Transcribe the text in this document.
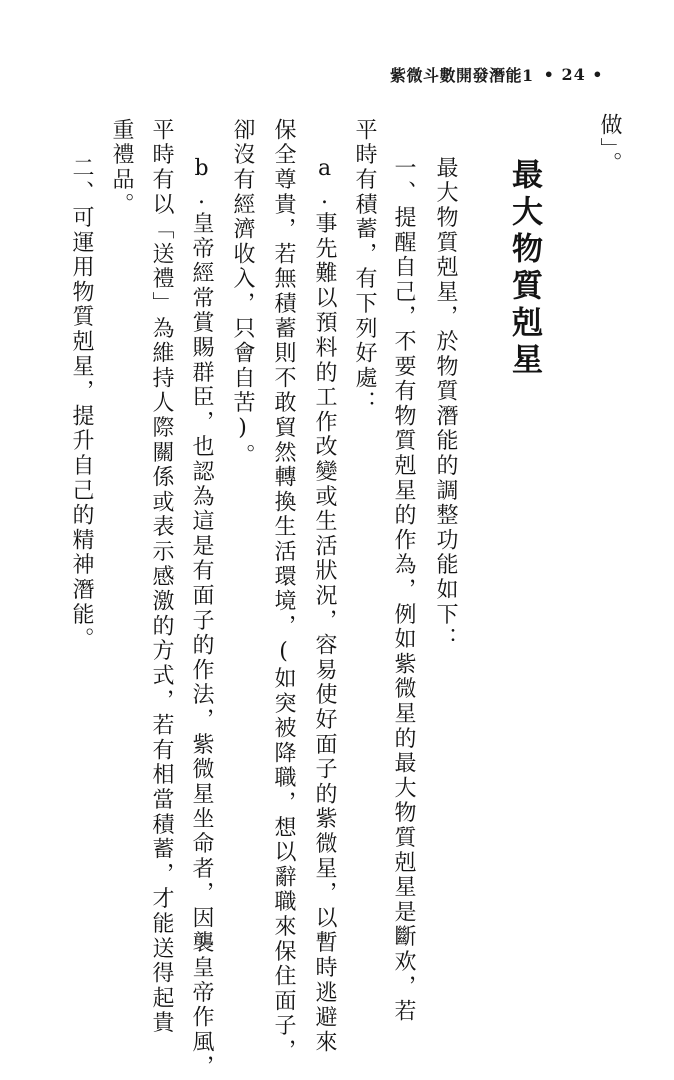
紫微斗數開發潛能1 • 24 •
做」。
最大物質剋星
最大物質剋星，於物質潛能的調整功能如下：
一、提醒自己，不要有物質剋星的作為，例如紫微星的最大物質剋星是斷欢，若
平時有積蓄，有下列好處：
a.事先難以預料的工作改變或生活狀況，容易使好面子的紫微星，以暫時逃避來
保全尊貴，若無積蓄則不敢貿然轉換生活環境，(如突被降職，想以辭職來保住面子，
卻沒有經濟收入，只會自苦)。
b.皇帝經常賞賜群臣，也認為這是有面子的作法，紫微星坐命者，因襲皇帝作風，
平時有以「送禮」為維持人際關係或表示感激的方式，若有相當積蓄，才能送得起貴
重禮品。
二、可運用物質剋星，提升自己的精神潛能。
